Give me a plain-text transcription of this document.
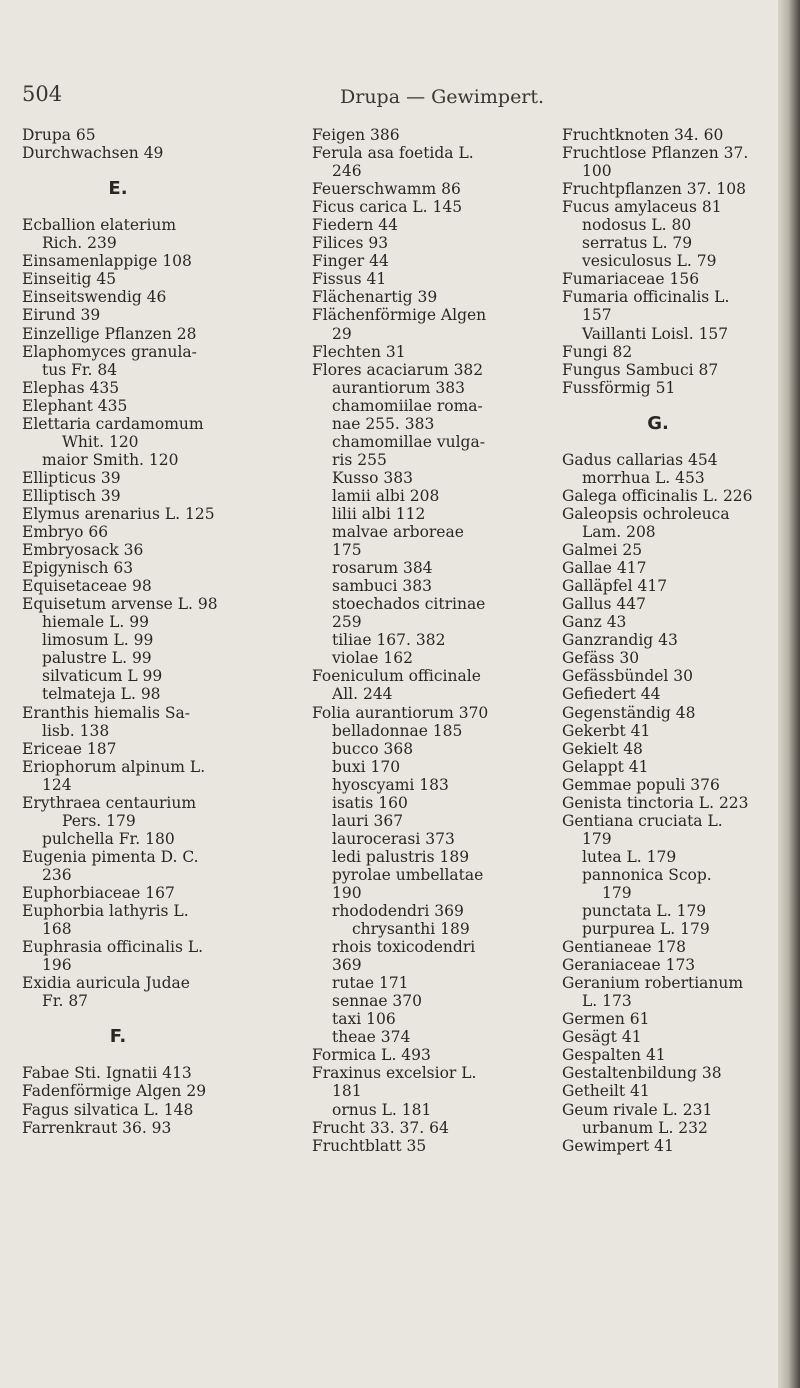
504	Drupa — Gewimpert.
Drupa 65
Durchwachsen 49
E.
Ecballion elaterium
Rich. 239
Einsamenlappige 108
Einseitig 45
Einseitswendig 46
Eirund 39
Einzellige Pflanzen 28
Elaphomyces granula-
tus Fr. 84
Elephas 435
Elephant 435
Elettaria cardamomum
Whit. 120
maior Smith. 120
Ellipticus 39
Elliptisch 39
Elymus arenarius L. 125
Embryo 66
Embryosack 36
Epigynisch 63
Equisetaceae 98
Equisetum arvense L. 98
hiemale L. 99
limosum L. 99
palustre L. 99
silvaticum L 99
telmateja L. 98
Eranthis hiemalis Sa-
lisb. 138
Ericeae 187
Eriophorum alpinum L.
124
Erythraea centaurium
Pers. 179
pulchella Fr. 180
Eugenia pimenta D. C.
236
Euphorbiaceae 167
Euphorbia lathyris L.
168
Euphrasia officinalis L.
196
Exidia auricula Judae
Fr. 87
F.
Fabae Sti. Ignatii 413
Fadenförmige Algen 29
Fagus silvatica L. 148
Farrenkraut 36. 93
Feigen 386
Ferula asa foetida L.
246
Feuerschwamm 86
Ficus carica L. 145
Fiedern 44
Filices 93
Finger 44
Fissus 41
Flächenartig 39
Flächenförmige Algen
29
Flechten 31
Flores acaciarum 382
aurantiorum 383
chamomiilae roma-
nae 255. 383
chamomillae vulga-
ris 255
Kusso 383
lamii albi 208
lilii albi 112
malvae arboreae
175
rosarum 384
sambuci 383
stoechados citrinae
259
tiliae 167. 382
violae 162
Foeniculum officinale
All. 244
Folia aurantiorum 370
belladonnae 185
bucco 368
buxi 170
hyoscyami 183
isatis 160
lauri 367
laurocerasi 373
ledi palustris 189
pyrolae umbellatae
190
rhododendri 369
chrysanthi 189
rhois toxicodendri
369
rutae 171
sennae 370
taxi 106
theae 374
Formica L. 493
Fraxinus excelsior L.
181
ornus L. 181
Frucht 33. 37. 64
Fruchtblatt 35
Fruchtknoten 34. 60
Fruchtlose Pflanzen 37.
100
Fruchtpflanzen 37. 108
Fucus amylaceus 81
nodosus L. 80
serratus L. 79
vesiculosus L. 79
Fumariaceae 156
Fumaria officinalis L.
157
Vaillanti Loisl. 157
Fungi 82
Fungus Sambuci 87
Fussförmig 51
G.
Gadus callarias 454
morrhua L. 453
Galega officinalis L. 226
Galeopsis ochroleuca
Lam. 208
Galmei 25
Gallae 417
Galläpfel 417
Gallus 447
Ganz 43
Ganzrandig 43
Gefäss 30
Gefässbündel 30
Gefiedert 44
Gegenständig 48
Gekerbt 41
Gekielt 48
Gelappt 41
Gemmae populi 376
Genista tinctoria L. 223
Gentiana cruciata L.
179
lutea L. 179
pannonica Scop.
179
punctata L. 179
purpurea L. 179
Gentianeae 178
Geraniaceae 173
Geranium robertianum
L. 173
Germen 61
Gesägt 41
Gespalten 41
Gestaltenbildung 38
Getheilt 41
Geum rivale L. 231
urbanum L. 232
Gewimpert 41
